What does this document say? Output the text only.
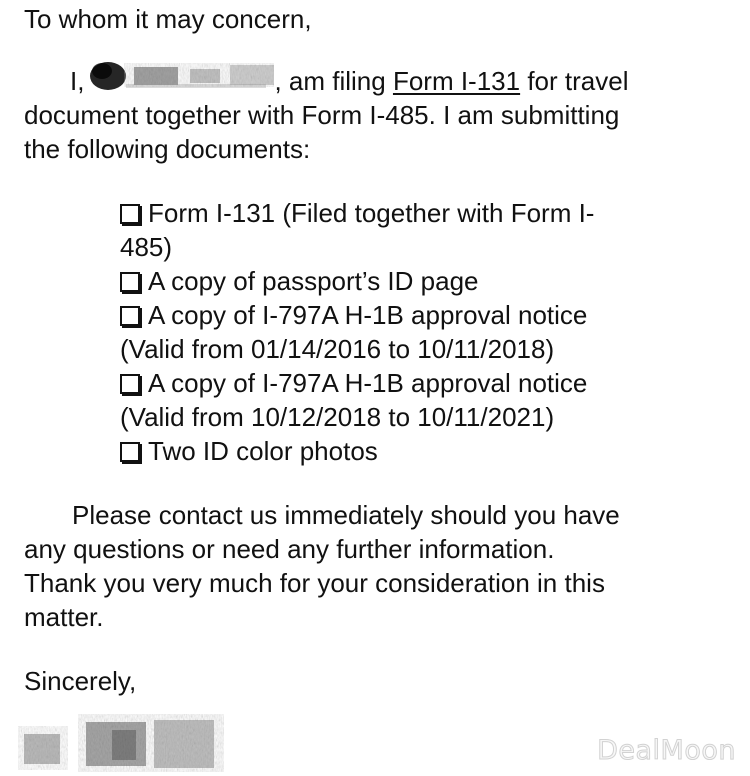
To whom it may concern,
I,	, am filing Form I-131 for travel
document together with Form I-485. I am submitting
the following documents:
Form I-131 (Filed together with Form I-
485)
A copy of passport’s ID page
A copy of I-797A H-1B approval notice
(Valid from 01/14/2016 to 10/11/2018)
A copy of I-797A H-1B approval notice
(Valid from 10/12/2018 to 10/11/2021)
Two ID color photos
Please contact us immediately should you have
any questions or need any further information.
Thank you very much for your consideration in this
matter.
Sincerely,
DealMoon
